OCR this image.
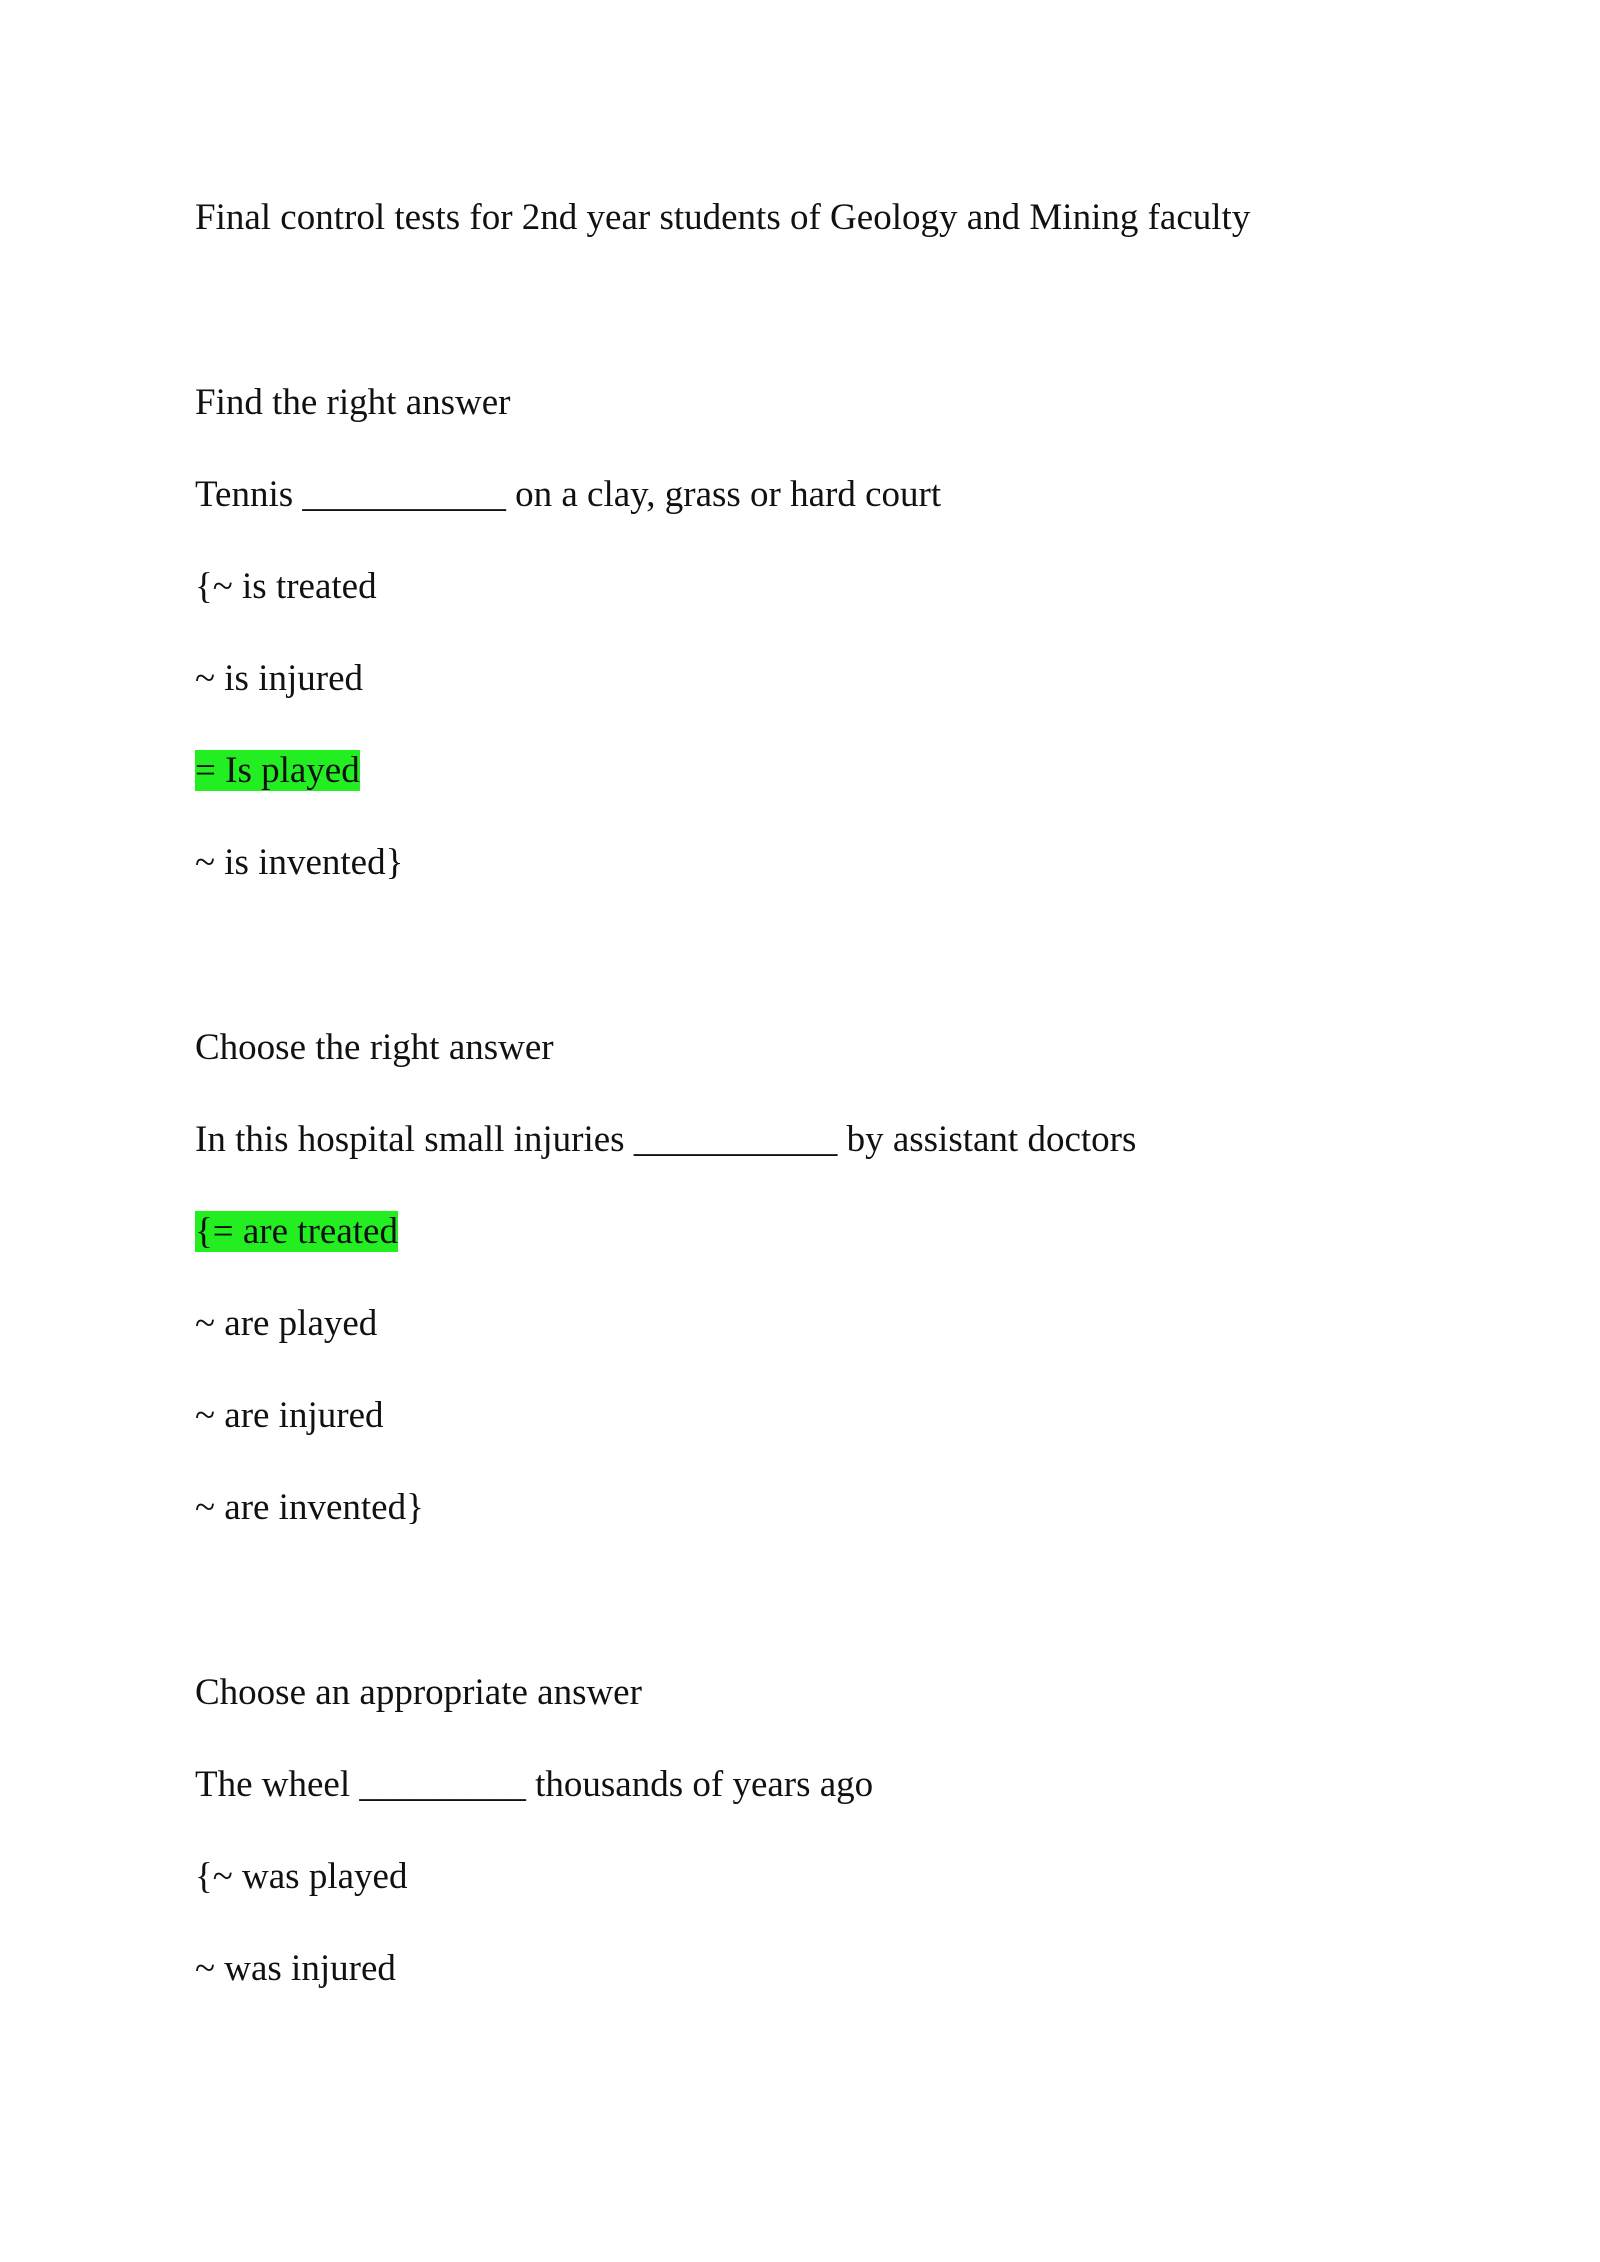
Final control tests for 2nd year students of Geology and Mining faculty
Find the right answer
Tennis ___________ on a clay, grass or hard court
{~ is treated
~ is injured
= Is played
~ is invented}
Choose the right answer
In this hospital small injuries ___________ by assistant doctors
{= are treated
~ are played
~ are injured
~ are invented}
Choose an appropriate answer
The wheel _________ thousands of years ago
{~ was played
~ was injured
